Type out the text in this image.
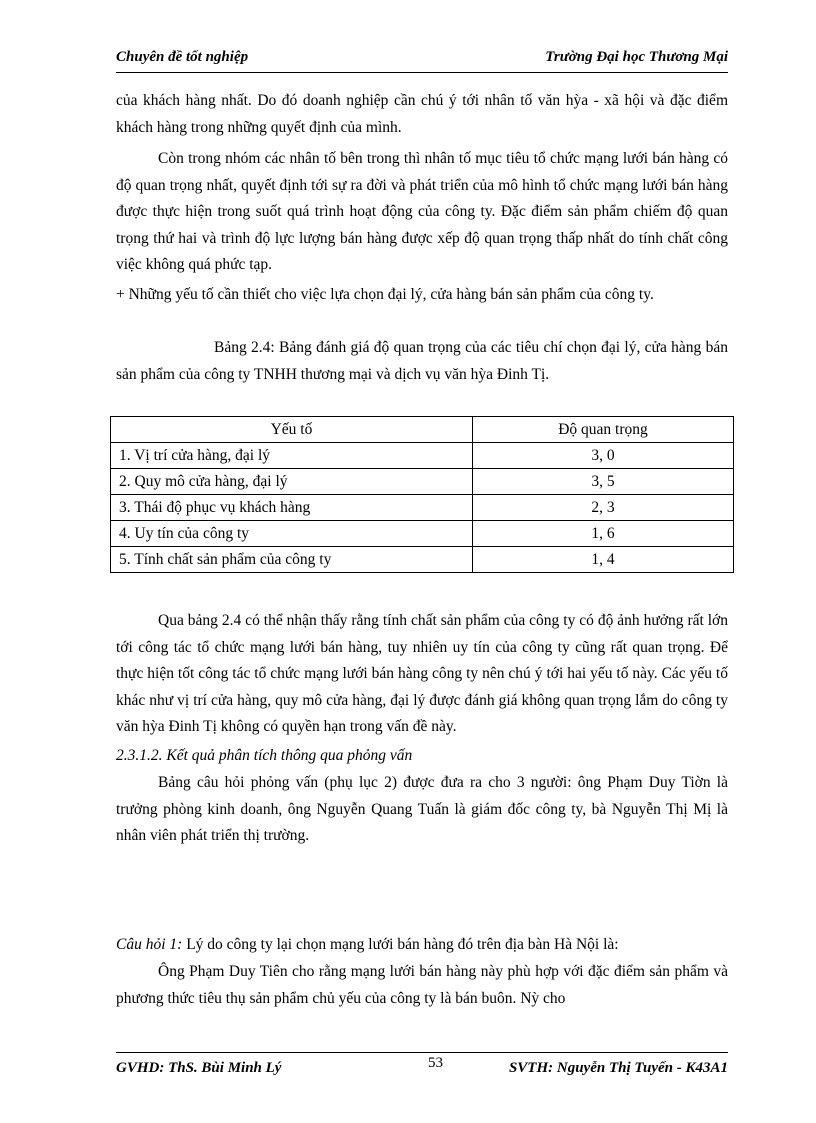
Chuyên đề tốt nghiệp	Trường Đại học Thương Mại

của khách hàng nhất. Do đó doanh nghiệp cần chú ý tới nhân tố văn hỳa - xã hội và đặc điểm khách hàng trong những quyết định của mình.

Còn trong nhóm các nhân tố bên trong thì nhân tố mục tiêu tổ chức mạng lưới bán hàng có độ quan trọng nhất, quyết định tới sự ra đời và phát triển của mô hình tổ chức mạng lưới bán hàng được thực hiện trong suốt quá trình hoạt động của công ty. Đặc điểm sản phẩm chiếm độ quan trọng thứ hai và trình độ lực lượng bán hàng được xếp độ quan trọng thấp nhất do tính chất công việc không quá phức tạp.

+ Những yếu tố cần thiết cho việc lựa chọn đại lý, cửa hàng bán sản phẩm của công ty.

Bảng 2.4: Bảng đánh giá độ quan trọng của các tiêu chí chọn đại lý, cửa hàng bán sản phẩm của công ty TNHH thương mại và dịch vụ văn hỳa Đinh Tị.

Yếu tố	Độ quan trọng
1. Vị trí cửa hàng, đại lý	3, 0
2. Quy mô cửa hàng, đại lý	3, 5
3. Thái độ phục vụ khách hàng	2, 3
4. Uy tín của công ty	1, 6
5. Tính chất sản phẩm của công ty	1, 4

Qua bảng 2.4 có thể nhận thấy rằng tính chất sản phẩm của công ty có độ ảnh hưởng rất lớn tới công tác tổ chức mạng lưới bán hàng, tuy nhiên uy tín của công ty cũng rất quan trọng. Để thực hiện tốt công tác tổ chức mạng lưới bán hàng công ty nên chú ý tới hai yếu tố này. Các yếu tố khác như vị trí cửa hàng, quy mô cửa hàng, đại lý được đánh giá không quan trọng lắm do công ty văn hỳa Đinh Tị không có quyền hạn trong vấn đề này.

2.3.1.2. Kết quả phân tích thông qua phỏng vấn

Bảng câu hỏi phỏng vấn (phụ lục 2) được đưa ra cho 3 người: ông Phạm Duy Tiờn là trưởng phòng kinh doanh, ông Nguyễn Quang Tuấn là giám đốc công ty, bà Nguyễn Thị Mị là nhân viên phát triển thị trường.

Câu hỏi 1: Lý do công ty lại chọn mạng lưới bán hàng đó trên địa bàn Hà Nội là:

Ông Phạm Duy Tiên cho rằng mạng lưới bán hàng này phù hợp với đặc điểm sản phẩm và phương thức tiêu thụ sản phẩm chủ yếu của công ty là bán buôn. Nỳ cho

GVHD: ThS. Bùi Minh Lý	53	SVTH: Nguyễn Thị Tuyến - K43A1
